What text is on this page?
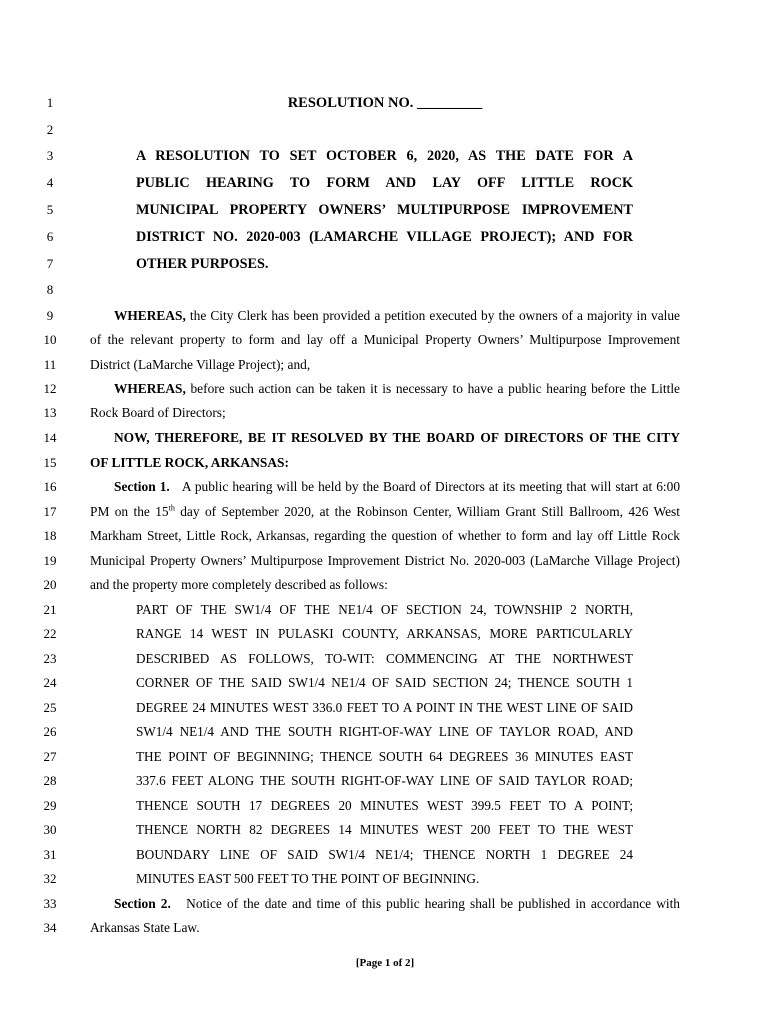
1
2
3
4
5
6
7
8
9
10
11
12
13
14
15
16
17
18
19
20
21
22
23
24
25
26
27
28
29
30
31
32
33
34
RESOLUTION NO. _________
A RESOLUTION TO SET OCTOBER 6, 2020, AS THE DATE FOR A
PUBLIC HEARING TO FORM AND LAY OFF LITTLE ROCK
MUNICIPAL PROPERTY OWNERS’ MULTIPURPOSE IMPROVEMENT
DISTRICT NO. 2020-003 (LAMARCHE VILLAGE PROJECT); AND FOR
OTHER PURPOSES.
WHEREAS, the City Clerk has been provided a petition executed by the owners of a majority in value
of the relevant property to form and lay off a Municipal Property Owners’ Multipurpose Improvement
District (LaMarche Village Project); and,
WHEREAS, before such action can be taken it is necessary to have a public hearing before the Little
Rock Board of Directors;
NOW, THEREFORE, BE IT RESOLVED BY THE BOARD OF DIRECTORS OF THE CITY
OF LITTLE ROCK, ARKANSAS:
Section 1. A public hearing will be held by the Board of Directors at its meeting that will start at 6:00
PM on the 15th day of September 2020, at the Robinson Center, William Grant Still Ballroom, 426 West
Markham Street, Little Rock, Arkansas, regarding the question of whether to form and lay off Little Rock
Municipal Property Owners’ Multipurpose Improvement District No. 2020-003 (LaMarche Village Project)
and the property more completely described as follows:
PART OF THE SW1/4 OF THE NE1/4 OF SECTION 24, TOWNSHIP 2 NORTH,
RANGE 14 WEST IN PULASKI COUNTY, ARKANSAS, MORE PARTICULARLY
DESCRIBED AS FOLLOWS, TO-WIT: COMMENCING AT THE NORTHWEST
CORNER OF THE SAID SW1/4 NE1/4 OF SAID SECTION 24; THENCE SOUTH 1
DEGREE 24 MINUTES WEST 336.0 FEET TO A POINT IN THE WEST LINE OF SAID
SW1/4 NE1/4 AND THE SOUTH RIGHT-OF-WAY LINE OF TAYLOR ROAD, AND
THE POINT OF BEGINNING; THENCE SOUTH 64 DEGREES 36 MINUTES EAST
337.6 FEET ALONG THE SOUTH RIGHT-OF-WAY LINE OF SAID TAYLOR ROAD;
THENCE SOUTH 17 DEGREES 20 MINUTES WEST 399.5 FEET TO A POINT;
THENCE NORTH 82 DEGREES 14 MINUTES WEST 200 FEET TO THE WEST
BOUNDARY LINE OF SAID SW1/4 NE1/4; THENCE NORTH 1 DEGREE 24
MINUTES EAST 500 FEET TO THE POINT OF BEGINNING.
Section 2. Notice of the date and time of this public hearing shall be published in accordance with
Arkansas State Law.
[Page 1 of 2]
